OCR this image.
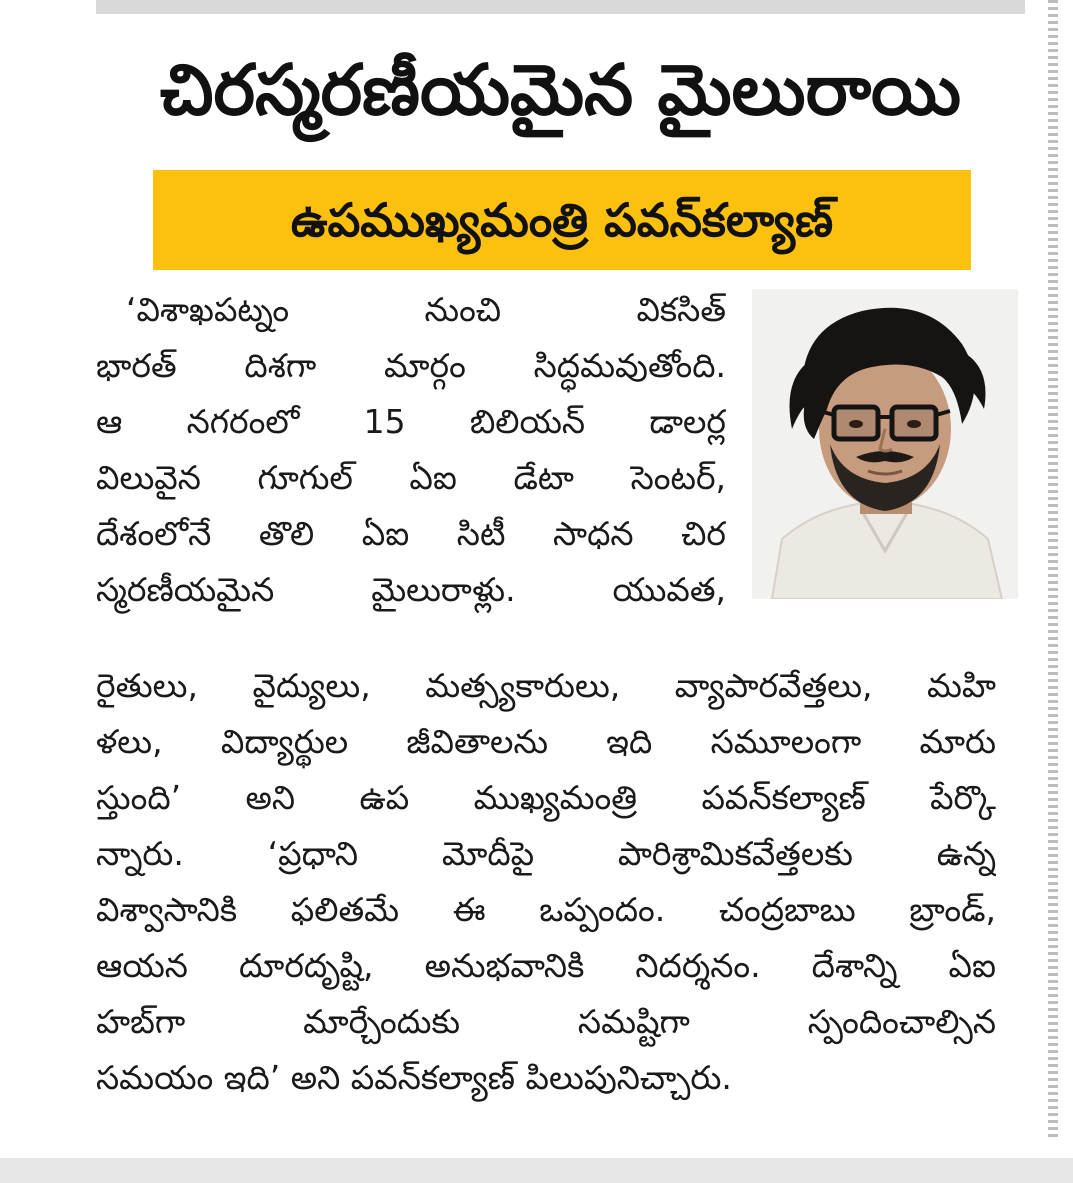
చిరస్మరణీయమైన మైలురాయి
ఉపముఖ్యమంత్రి పవన్‌కల్యాణ్‌
‘విశాఖపట్నం నుంచి వికసిత్‌
భారత్‌ దిశగా మార్గం సిద్ధమవుతోంది.
ఆ నగరంలో 15 బిలియన్‌ డాలర్ల
విలువైన గూగుల్‌ ఏఐ డేటా సెంటర్‌,
దేశంలోనే తొలి ఏఐ సిటీ సాధన చిర
స్మరణీయమైన మైలురాళ్లు. యువత,
రైతులు, వైద్యులు, మత్స్యకారులు, వ్యాపారవేత్తలు, మహి
ళలు, విద్యార్థుల జీవితాలను ఇది సమూలంగా మారు
స్తుంది’ అని ఉప ముఖ్యమంత్రి పవన్‌కల్యాణ్‌ పేర్కొ
న్నారు. ‘ప్రధాని మోదీపై పారిశ్రామికవేత్తలకు ఉన్న
విశ్వాసానికి ఫలితమే ఈ ఒప్పందం. చంద్రబాబు బ్రాండ్‌,
ఆయన దూరదృష్టి, అనుభవానికి నిదర్శనం. దేశాన్ని ఏఐ
హబ్‌గా మార్చేందుకు సమష్టిగా స్పందించాల్సిన
సమయం ఇది’ అని పవన్‌కల్యాణ్‌ పిలుపునిచ్చారు.
